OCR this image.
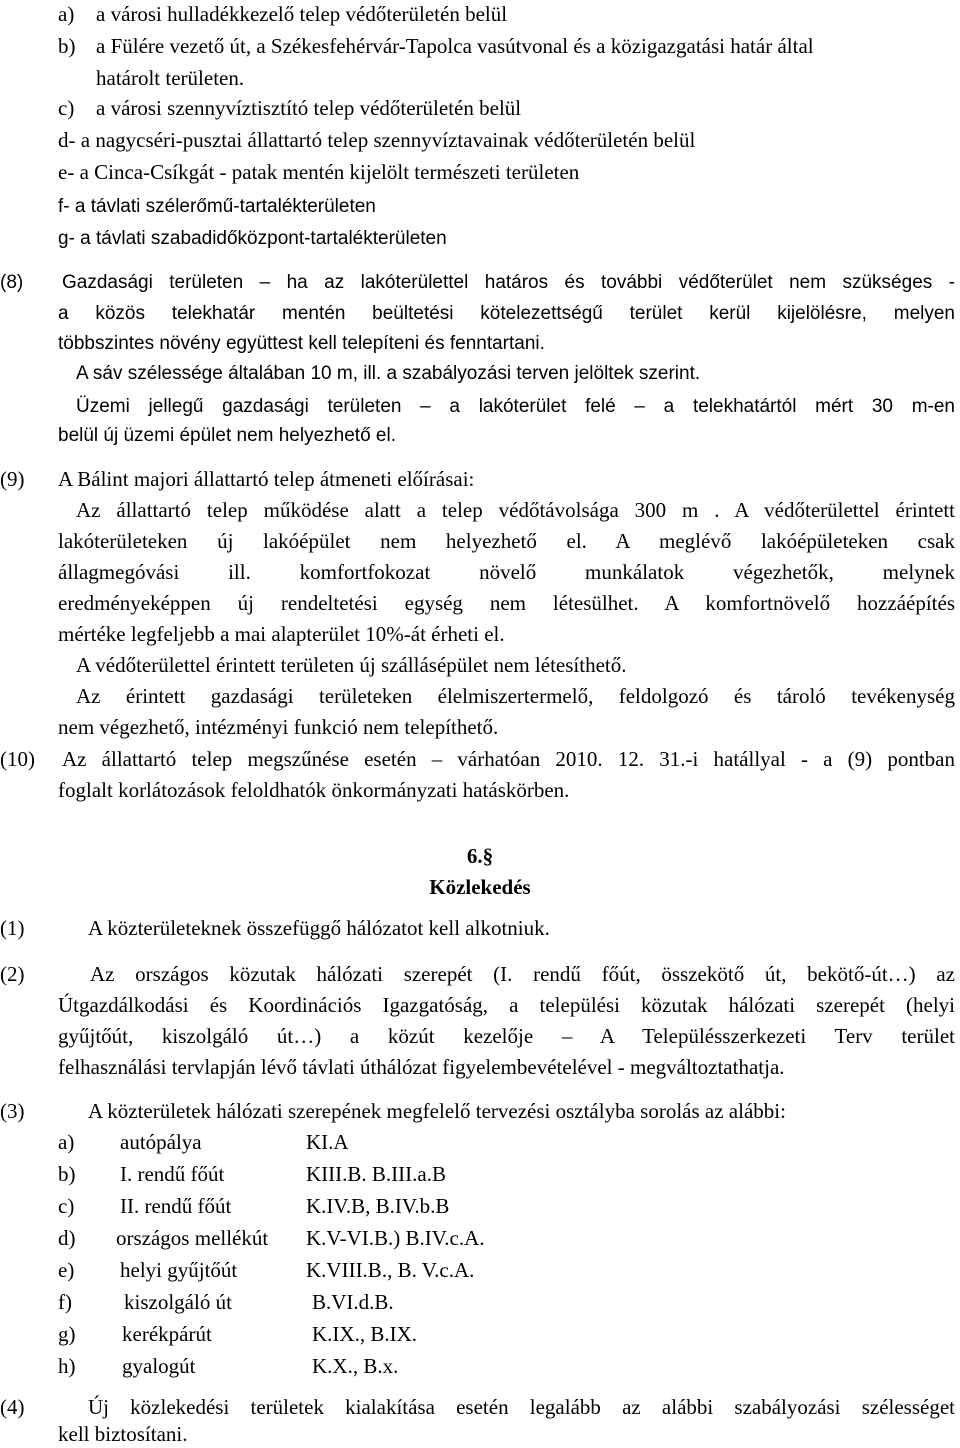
a) a városi hulladékkezelő telep védőterületén belül
b) a Fülére vezető út, a Székesfehérvár-Tapolca vasútvonal és a közigazgatási határ által
határolt területen.
c) a városi szennyvíztisztító telep védőterületén belül
d- a nagycséri-pusztai állattartó telep szennyvíztavainak védőterületén belül
e- a Cinca-Csíkgát - patak mentén kijelölt természeti területen
f- a távlati szélerőmű-tartalékterületen
g- a távlati szabadidőközpont-tartalékterületen
(8) Gazdasági területen – ha az lakóterülettel határos és további védőterület nem szükséges -
a közös telekhatár mentén beültetési kötelezettségű terület kerül kijelölésre, melyen
többszintes növény együttest kell telepíteni és fenntartani.
A sáv szélessége általában 10 m, ill. a szabályozási terven jelöltek szerint.
Üzemi jellegű gazdasági területen – a lakóterület felé – a telekhatártól mért 30 m-en
belül új üzemi épület nem helyezhető el.
(9) A Bálint majori állattartó telep átmeneti előírásai:
Az állattartó telep működése alatt a telep védőtávolsága 300 m . A védőterülettel érintett
lakóterületeken új lakóépület nem helyezhető el. A meglévő lakóépületeken csak
állagmegóvási ill. komfortfokozat növelő munkálatok végezhetők, melynek
eredményeképpen új rendeltetési egység nem létesülhet. A komfortnövelő hozzáépítés
mértéke legfeljebb a mai alapterület 10%-át érheti el.
A védőterülettel érintett területen új szállásépület nem létesíthető.
Az érintett gazdasági területeken élelmiszertermelő, feldolgozó és tároló tevékenység
nem végezhető, intézményi funkció nem telepíthető.
(10) Az állattartó telep megszűnése esetén – várhatóan 2010. 12. 31.-i hatállyal - a (9) pontban
foglalt korlátozások feloldhatók önkormányzati hatáskörben.
6.§
Közlekedés
(1)	A közterületeknek összefüggő hálózatot kell alkotniuk.
(2)	Az országos közutak hálózati szerepét (I. rendű főút, összekötő út, bekötő-út…) az
Útgazdálkodási és Koordinációs Igazgatóság, a települési közutak hálózati szerepét (helyi
gyűjtőút, kiszolgáló út…) a közút kezelője – A Településszerkezeti Terv terület
felhasználási tervlapján lévő távlati úthálózat figyelembevételével - megváltoztathatja.
(3)	A közterületek hálózati szerepének megfelelő tervezési osztályba sorolás az alábbi:
a) autópálya	KI.A
b) I. rendű főút	KIII.B. B.III.a.B
c) II. rendű főút	K.IV.B, B.IV.b.B
d) országos mellékút K.V-VI.B.) B.IV.c.A.
e) helyi gyűjtőút	K.VIII.B., B. V.c.A.
f) kiszolgáló út	B.VI.d.B.
g) kerékpárút	K.IX., B.IX.
h) gyalogút	K.X., B.x.
(4)	Új közlekedési területek kialakítása esetén legalább az alábbi szabályozási szélességet
kell biztosítani.
